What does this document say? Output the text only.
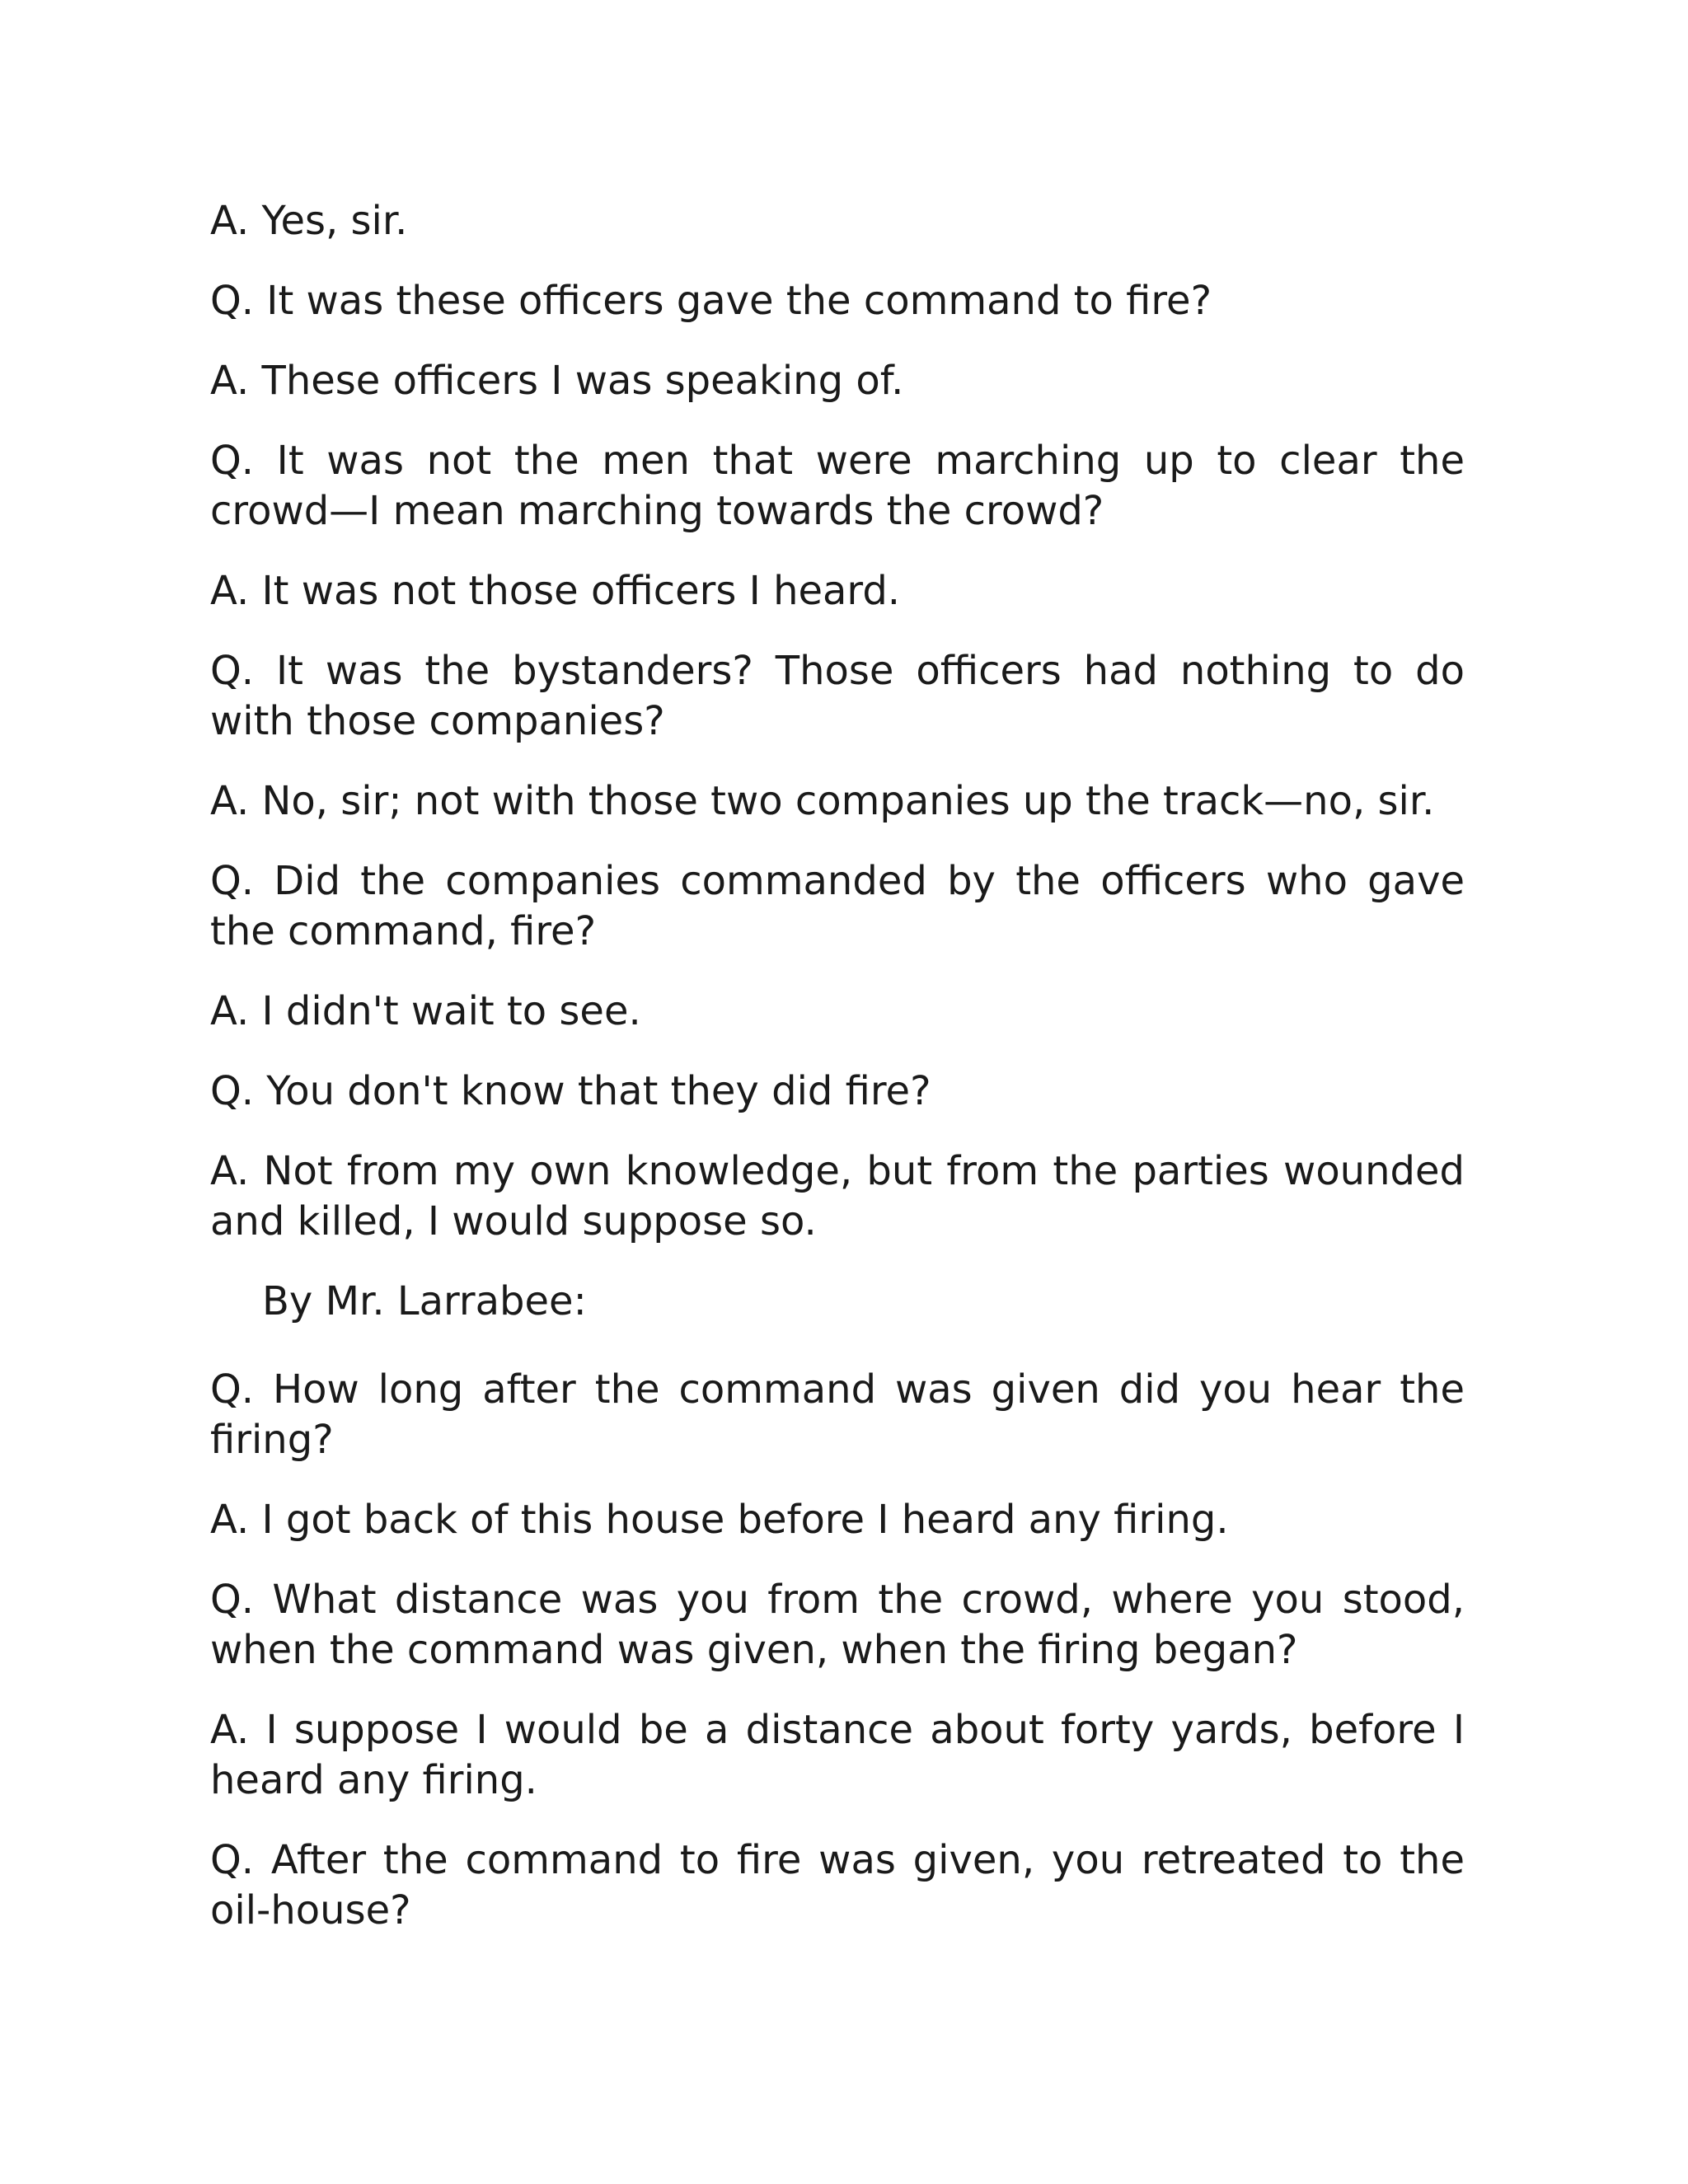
A. Yes, sir.

Q. It was these officers gave the command to fire?

A. These officers I was speaking of.

Q. It was not the men that were marching up to clear the crowd—I mean marching towards the crowd?

A. It was not those officers I heard.

Q. It was the bystanders? Those officers had nothing to do with those companies?

A. No, sir; not with those two companies up the track—no, sir.

Q. Did the companies commanded by the officers who gave the command, fire?

A. I didn't wait to see.

Q. You don't know that they did fire?

A. Not from my own knowledge, but from the parties wounded and killed, I would suppose so.

By Mr. Larrabee:

Q. How long after the command was given did you hear the firing?

A. I got back of this house before I heard any firing.

Q. What distance was you from the crowd, where you stood, when the command was given, when the firing began?

A. I suppose I would be a distance about forty yards, before I heard any firing.

Q. After the command to fire was given, you retreated to the oil-house?
